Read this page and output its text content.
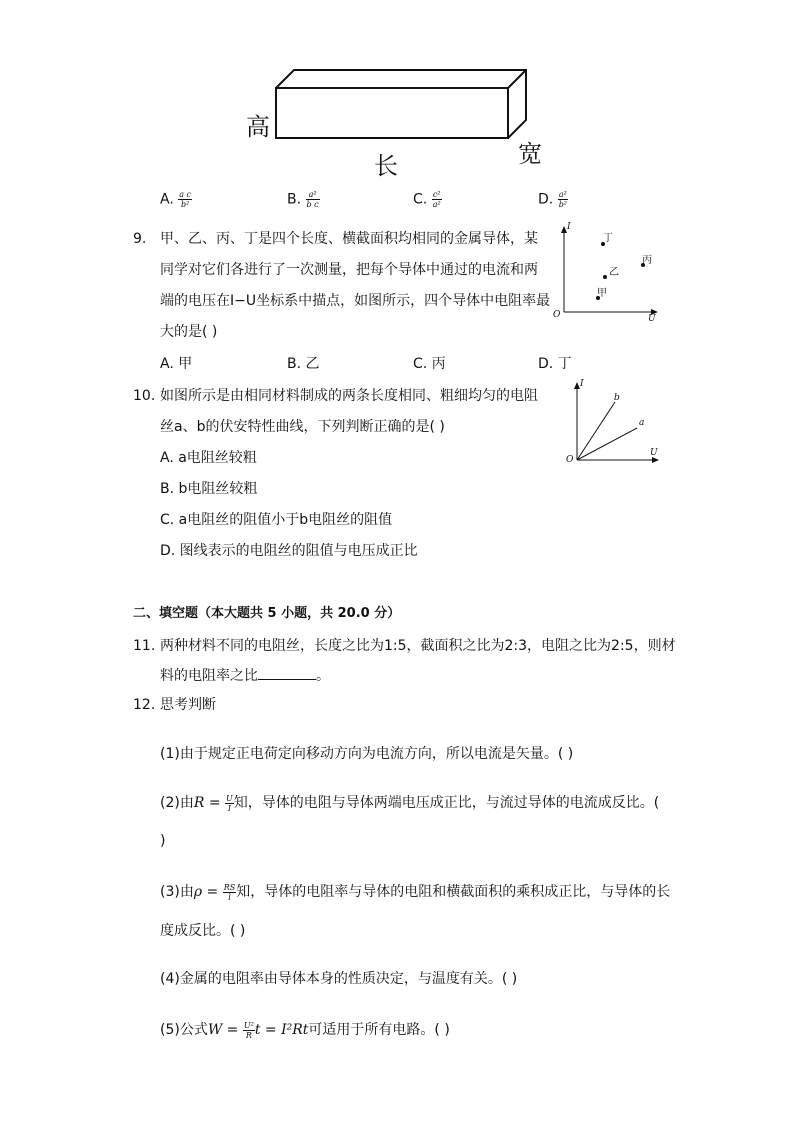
高
长	宽
A. $\frac{\text{a c}}{\text{b²}}$	B. $\frac{\text{a²}}{\text{b c}}$	C. $\frac{\text{c²}}{\text{a²}}$	D. $\frac{\text{a²}}{\text{b²}}$
9. 甲、乙、丙、丁是四个长度、横截面积均相同的金属导体，某
同学对它们各进行了一次测量，把每个导体中通过的电流和两
端的电压在I−U坐标系中描点，如图所示，四个导体中电阻率最
大的是( )
I
U
O
丁
乙
丙
甲
A. 甲	B. 乙	C. 丙	D. 丁
10. 如图所示是由相同材料制成的两条长度相同、粗细均匀的电阻
丝a、b的伏安特性曲线，下列判断正确的是( )
I
U
O
b
a
A. a电阻丝较粗
B. b电阻丝较粗
C. a电阻丝的阻值小于b电阻丝的阻值
D. 图线表示的电阻丝的阻值与电压成正比
二、填空题（本大题共 5 小题，共 20.0 分）
11. 两种材料不同的电阻丝，长度之比为1:5，截面积之比为2:3，电阻之比为2:5，则材
料的电阻率之比	。
12. 思考判断
(1)由于规定正电荷定向移动方向为电流方向，所以电流是矢量。( )
(2)由$R = \frac{U}{I}$ 知，导体的电阻与导体两端电压成正比，与流过导体的电流成反比。(
)
(3)由$\rho = \frac{RS}{l}$ 知，导体的电阻率与导体的电阻和横截面积的乘积成正比，与导体的长
度成反比。( )
(4)金属的电阻率由导体本身的性质决定，与温度有关。( )
(5)公式$W = \frac{\text{U²}}{R}$ t = I²Rt可适用于所有电路。( )
